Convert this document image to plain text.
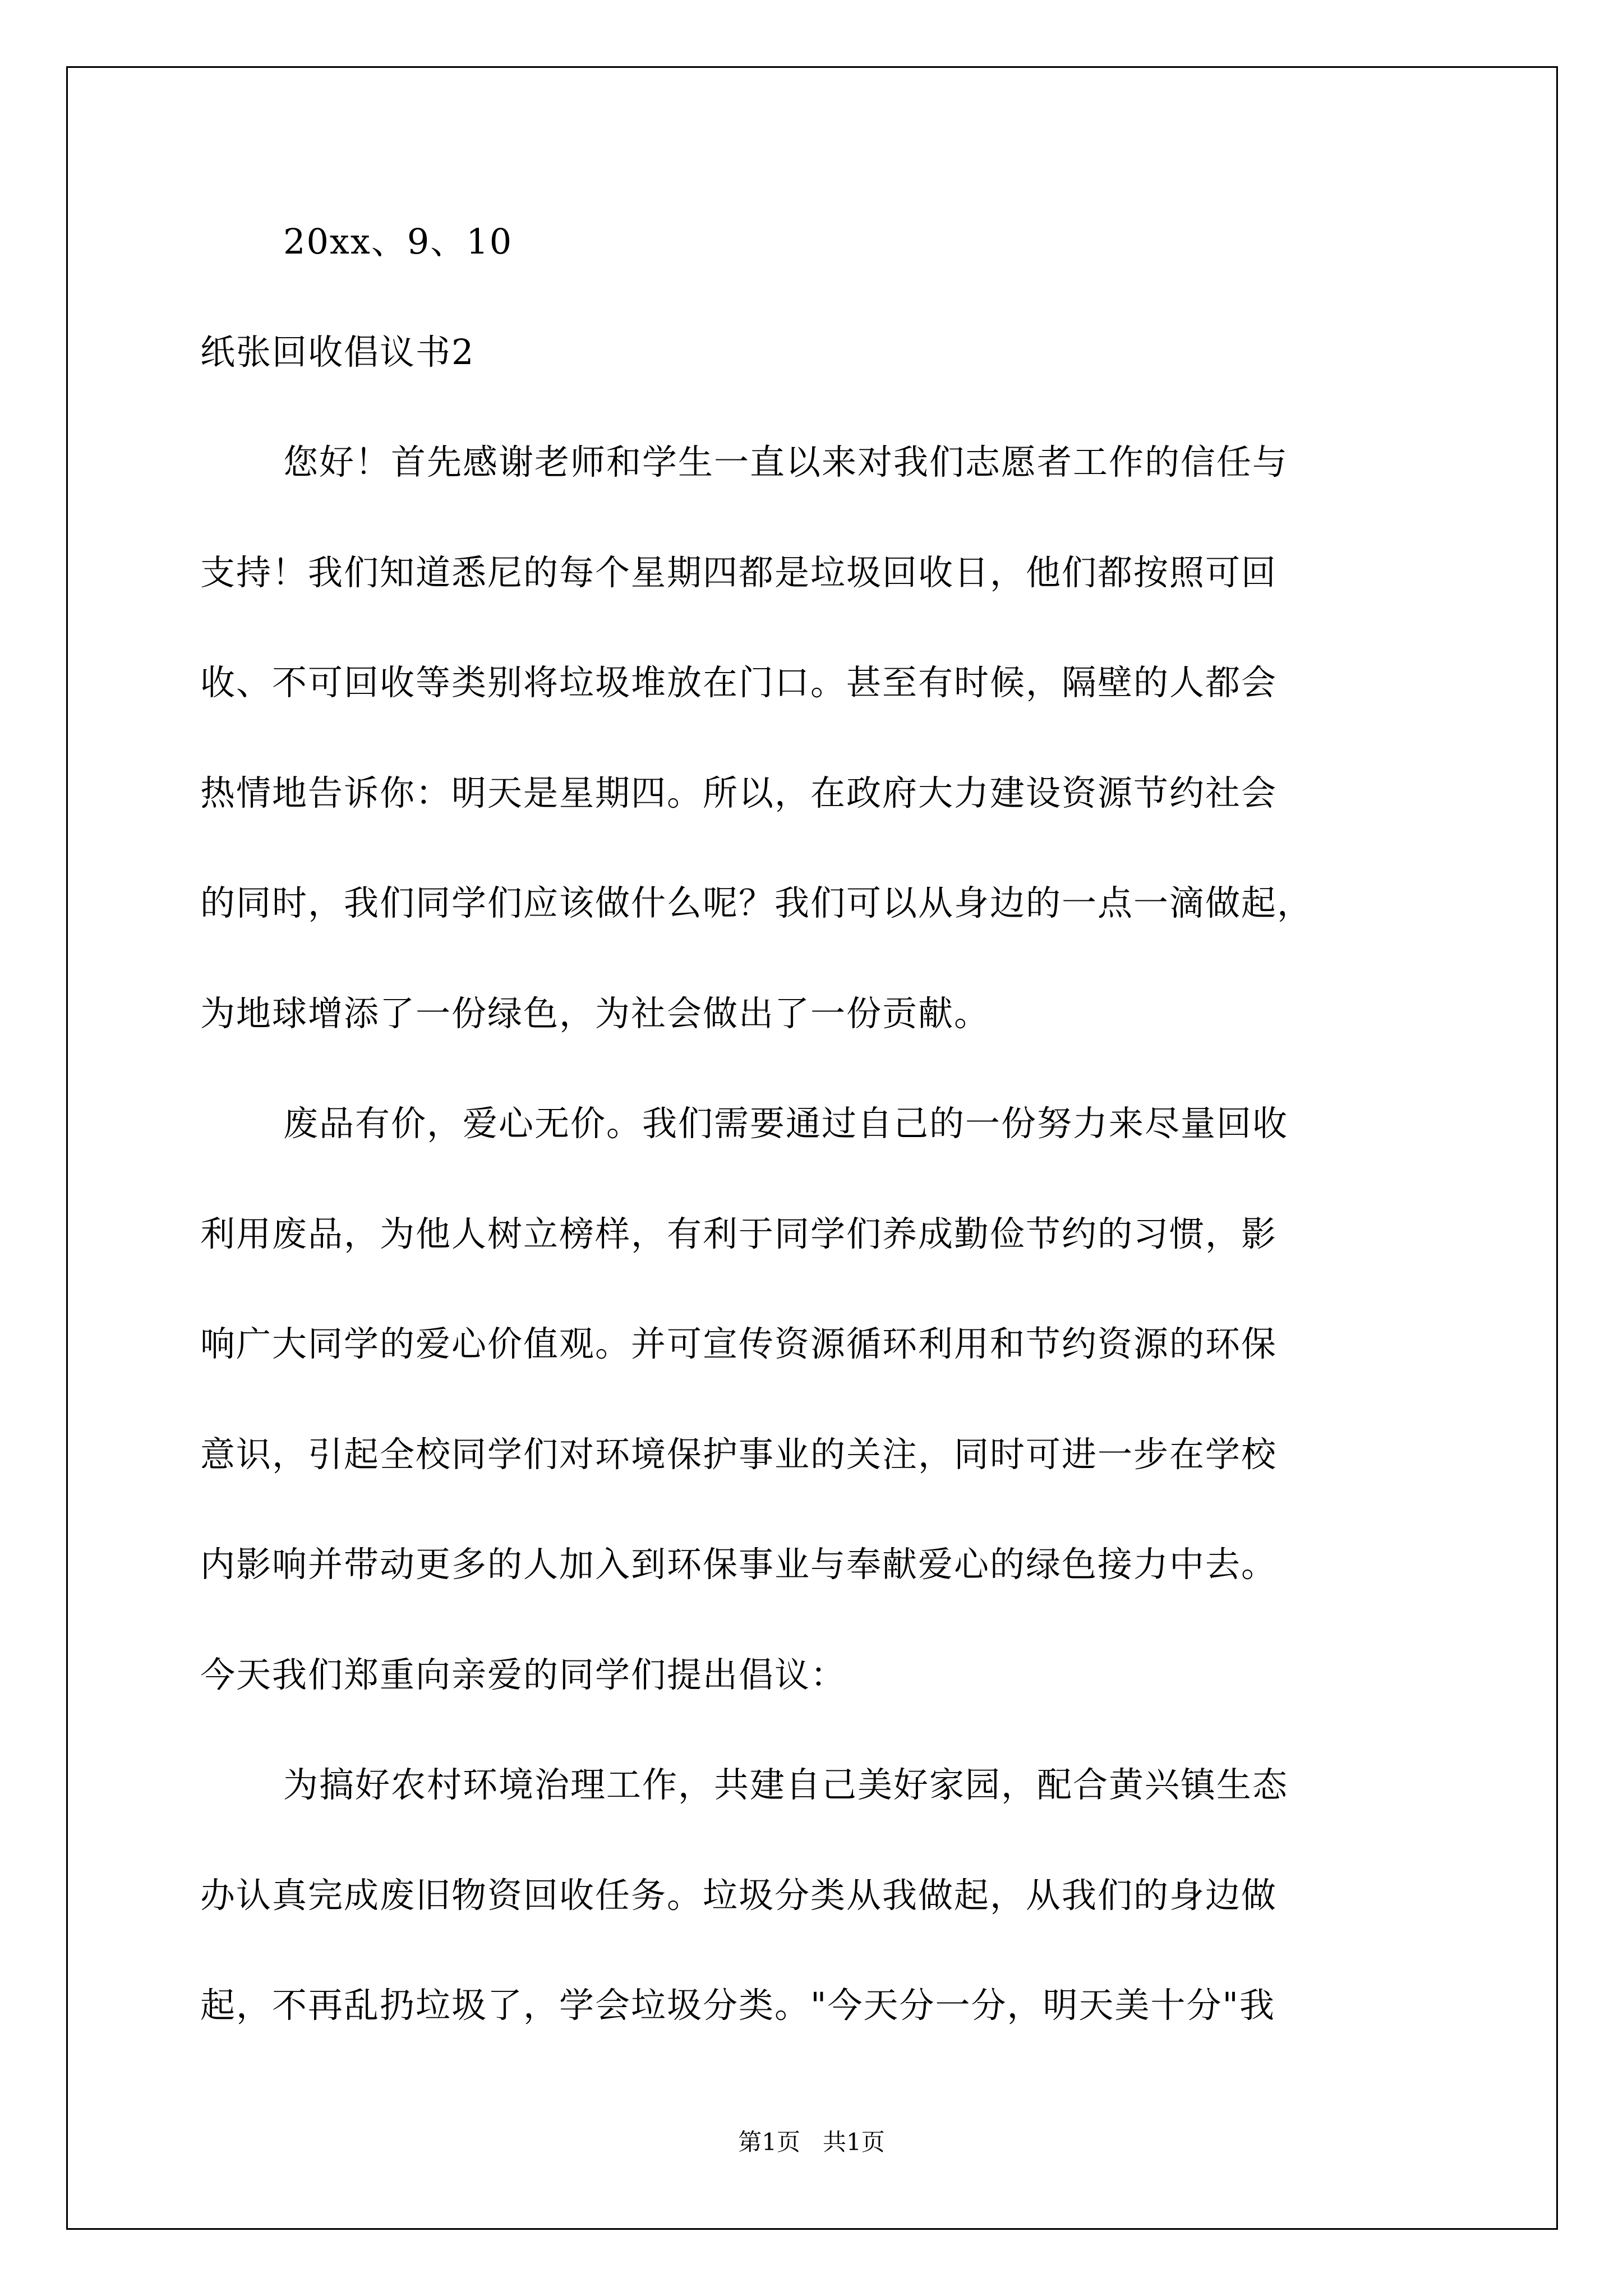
20xx、9、10
纸张回收倡议书2
您好！首先感谢老师和学生一直以来对我们志愿者工作的信任与
支持！我们知道悉尼的每个星期四都是垃圾回收日，他们都按照可回
收、不可回收等类别将垃圾堆放在门口。甚至有时候，隔壁的人都会
热情地告诉你：明天是星期四。所以，在政府大力建设资源节约社会
的同时，我们同学们应该做什么呢？我们可以从身边的一点一滴做起，
为地球增添了一份绿色，为社会做出了一份贡献。
废品有价，爱心无价。我们需要通过自己的一份努力来尽量回收
利用废品，为他人树立榜样，有利于同学们养成勤俭节约的习惯，影
响广大同学的爱心价值观。并可宣传资源循环利用和节约资源的环保
意识，引起全校同学们对环境保护事业的关注，同时可进一步在学校
内影响并带动更多的人加入到环保事业与奉献爱心的绿色接力中去。
今天我们郑重向亲爱的同学们提出倡议：
为搞好农村环境治理工作，共建自己美好家园，配合黄兴镇生态
办认真完成废旧物资回收任务。垃圾分类从我做起，从我们的身边做
起，不再乱扔垃圾了，学会垃圾分类。"今天分一分，明天美十分"我
第1页 共1页
